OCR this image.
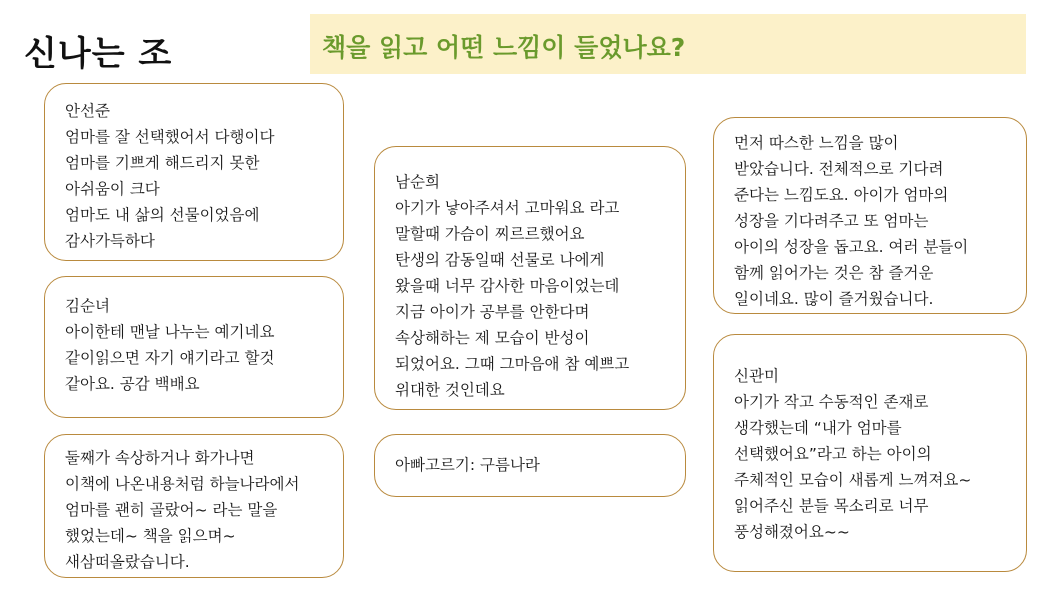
신나는 조	책을 읽고 어떤 느낌이 들었나요?
안선준
엄마를 잘 선택했어서 다행이다
엄마를 기쁘게 해드리지 못한
아쉬움이 크다
엄마도 내 삶의 선물이었음에
감사가득하다
김순녀
아이한테 맨날 나누는 예기네요
같이읽으면 자기 얘기라고 할것
같아요. 공감 백배요
둘째가 속상하거나 화가나면
이책에 나온내용처럼 하늘나라에서
엄마를 괜히 골랐어~ 라는 말을
했었는데~ 책을 읽으며~
새삼떠올랐습니다.
남순희
아기가 낳아주셔서 고마워요 라고
말할때 가슴이 찌르르했어요
탄생의 감동일때 선물로 나에게
왔을때 너무 감사한 마음이었는데
지금 아이가 공부를 안한다며
속상해하는 제 모습이 반성이
되었어요. 그때 그마음애 참 예쁘고
위대한 것인데요
아빠고르기: 구름나라
먼저 따스한 느낌을 많이
받았습니다. 전체적으로 기다려
준다는 느낌도요. 아이가 엄마의
성장을 기다려주고 또 엄마는
아이의 성장을 돕고요. 여러 분들이
함께 읽어가는 것은 참 즐거운
일이네요. 많이 즐거웠습니다.
신관미
아기가 작고 수동적인 존재로
생각했는데 “내가 엄마를
선택했어요”라고 하는 아이의
주체적인 모습이 새롭게 느껴져요~
읽어주신 분들 목소리로 너무
풍성해졌어요~~
